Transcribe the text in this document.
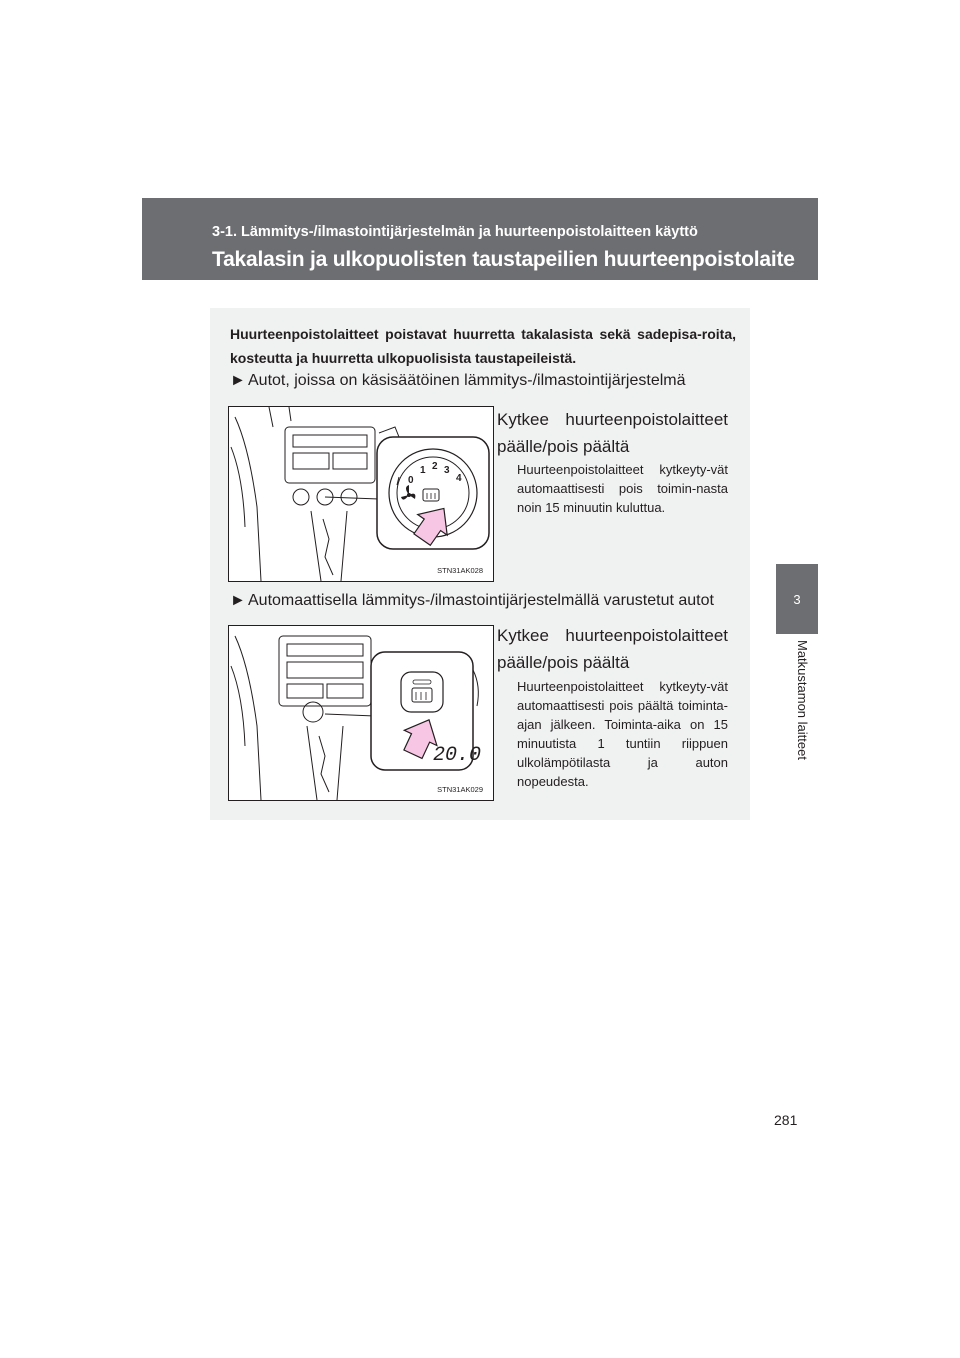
3-1. Lämmitys-/ilmastointijärjestelmän ja huurteenpoistolaitteen käyttö
Takalasin ja ulkopuolisten taustapeilien huurteenpoistolaite
3
Matkustamon laitteet
Huurteenpoistolaitteet poistavat huurretta takalasista sekä sadepisa-roita, kosteutta ja huurretta ulkopuolisista taustapeileistä.
► Autot, joissa on käsisäätöinen lämmitys-/ilmastointijärjestelmä
0
1 2 3
4
STN31AK028
Kytkee huurteenpoistolaitteet päälle/pois päältä
Huurteenpoistolaitteet kytkeyty-vät automaattisesti pois toimin-nasta noin 15 minuutin kuluttua.
► Automaattisella lämmitys-/ilmastointijärjestelmällä varustetut autot
20.0
STN31AK029
Kytkee huurteenpoistolaitteet päälle/pois päältä
Huurteenpoistolaitteet kytkeyty-vät automaattisesti pois päältä toiminta-ajan jälkeen. Toiminta-aika on 15 minuutista 1 tuntiin riippuen ulkolämpötilasta ja auton nopeudesta.
281
